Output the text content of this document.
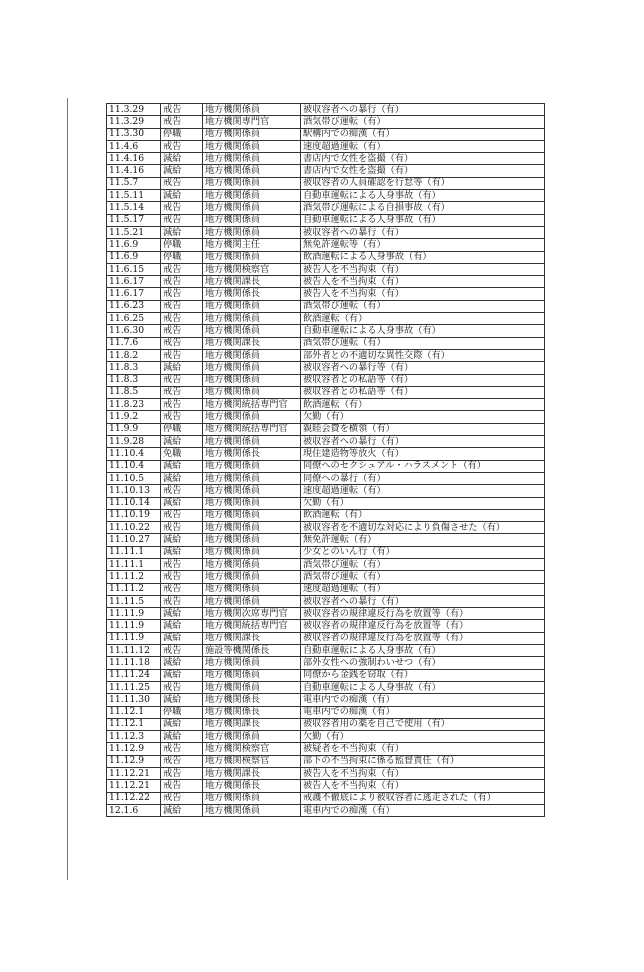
11.3.29	戒告	地方機関係員	被収容者への暴行（有）
11.3.29	戒告	地方機関専門官	酒気帯び運転（有）
11.3.30	停職	地方機関係員	駅構内での痴漢（有）
11.4.6	戒告	地方機関係員	速度超過運転（有）
11.4.16	減給	地方機関係員	書店内で女性を盗撮（有）
11.4.16	減給	地方機関係員	書店内で女性を盗撮（有）
11.5.7	戒告	地方機関係員	被収容者の人員確認を行怠等（有）
11.5.11	減給	地方機関係員	自動車運転による人身事故（有）
11.5.14	戒告	地方機関係員	酒気帯び運転による自損事故（有）
11.5.17	戒告	地方機関係員	自動車運転による人身事故（有）
11.5.21	減給	地方機関係員	被収容者への暴行（有）
11.6.9	停職	地方機関主任	無免許運転等（有）
11.6.9	停職	地方機関係員	飲酒運転による人身事故（有）
11.6.15	戒告	地方機関検察官	被告人を不当拘束（有）
11.6.17	戒告	地方機関課長	被告人を不当拘束（有）
11.6.17	戒告	地方機関係長	被告人を不当拘束（有）
11.6.23	戒告	地方機関係員	酒気帯び運転（有）
11.6.25	戒告	地方機関係員	飲酒運転（有）
11.6.30	戒告	地方機関係員	自動車運転による人身事故（有）
11.7.6	戒告	地方機関課長	酒気帯び運転（有）
11.8.2	戒告	地方機関係員	部外者との不適切な異性交際（有）
11.8.3	減給	地方機関係員	被収容者への暴行等（有）
11.8.3	戒告	地方機関係員	被収容者との私語等（有）
11.8.5	戒告	地方機関係員	被収容者との私語等（有）
11.8.23	戒告	地方機関統括専門官	飲酒運転（有）
11.9.2	戒告	地方機関係員	欠勤（有）
11.9.9	停職	地方機関統括専門官	親睦会費を横領（有）
11.9.28	減給	地方機関係員	被収容者への暴行（有）
11.10.4	免職	地方機関係長	現住建造物等放火（有）
11.10.4	減給	地方機関係員	同僚へのセクシュアル・ハラスメント（有）
11.10.5	減給	地方機関係員	同僚への暴行（有）
11.10.13	戒告	地方機関係員	速度超過運転（有）
11.10.14	減給	地方機関係員	欠勤（有）
11.10.19	戒告	地方機関係員	飲酒運転（有）
11.10.22	戒告	地方機関係員	被収容者を不適切な対応により負傷させた（有）
11.10.27	減給	地方機関係員	無免許運転（有）
11.11.1	減給	地方機関係員	少女とのいん行（有）
11.11.1	戒告	地方機関係員	酒気帯び運転（有）
11.11.2	戒告	地方機関係員	酒気帯び運転（有）
11.11.2	戒告	地方機関係員	速度超過運転（有）
11.11.5	戒告	地方機関係員	被収容者への暴行（有）
11.11.9	減給	地方機関次席専門官	被収容者の規律違反行為を放置等（有）
11.11.9	減給	地方機関統括専門官	被収容者の規律違反行為を放置等（有）
11.11.9	減給	地方機関課長	被収容者の規律違反行為を放置等（有）
11.11.12	戒告	施設等機関係長	自動車運転による人身事故（有）
11.11.18	減給	地方機関係員	部外女性への強制わいせつ（有）
11.11.24	減給	地方機関係員	同僚から金銭を窃取（有）
11.11.25	戒告	地方機関係員	自動車運転による人身事故（有）
11.11.30	減給	地方機関係長	電車内での痴漢（有）
11.12.1	停職	地方機関係長	電車内での痴漢（有）
11.12.1	減給	地方機関課長	被収容者用の薬を自己で使用（有）
11.12.3	減給	地方機関係員	欠勤（有）
11.12.9	戒告	地方機関検察官	被疑者を不当拘束（有）
11.12.9	戒告	地方機関検察官	部下の不当拘束に係る監督責任（有）
11.12.21	戒告	地方機関課長	被告人を不当拘束（有）
11.12.21	戒告	地方機関係長	被告人を不当拘束（有）
11.12.22	戒告	地方機関係員	戒護不徹底により被収容者に逃走された（有）
12.1.6	減給	地方機関係員	電車内での痴漢（有）
